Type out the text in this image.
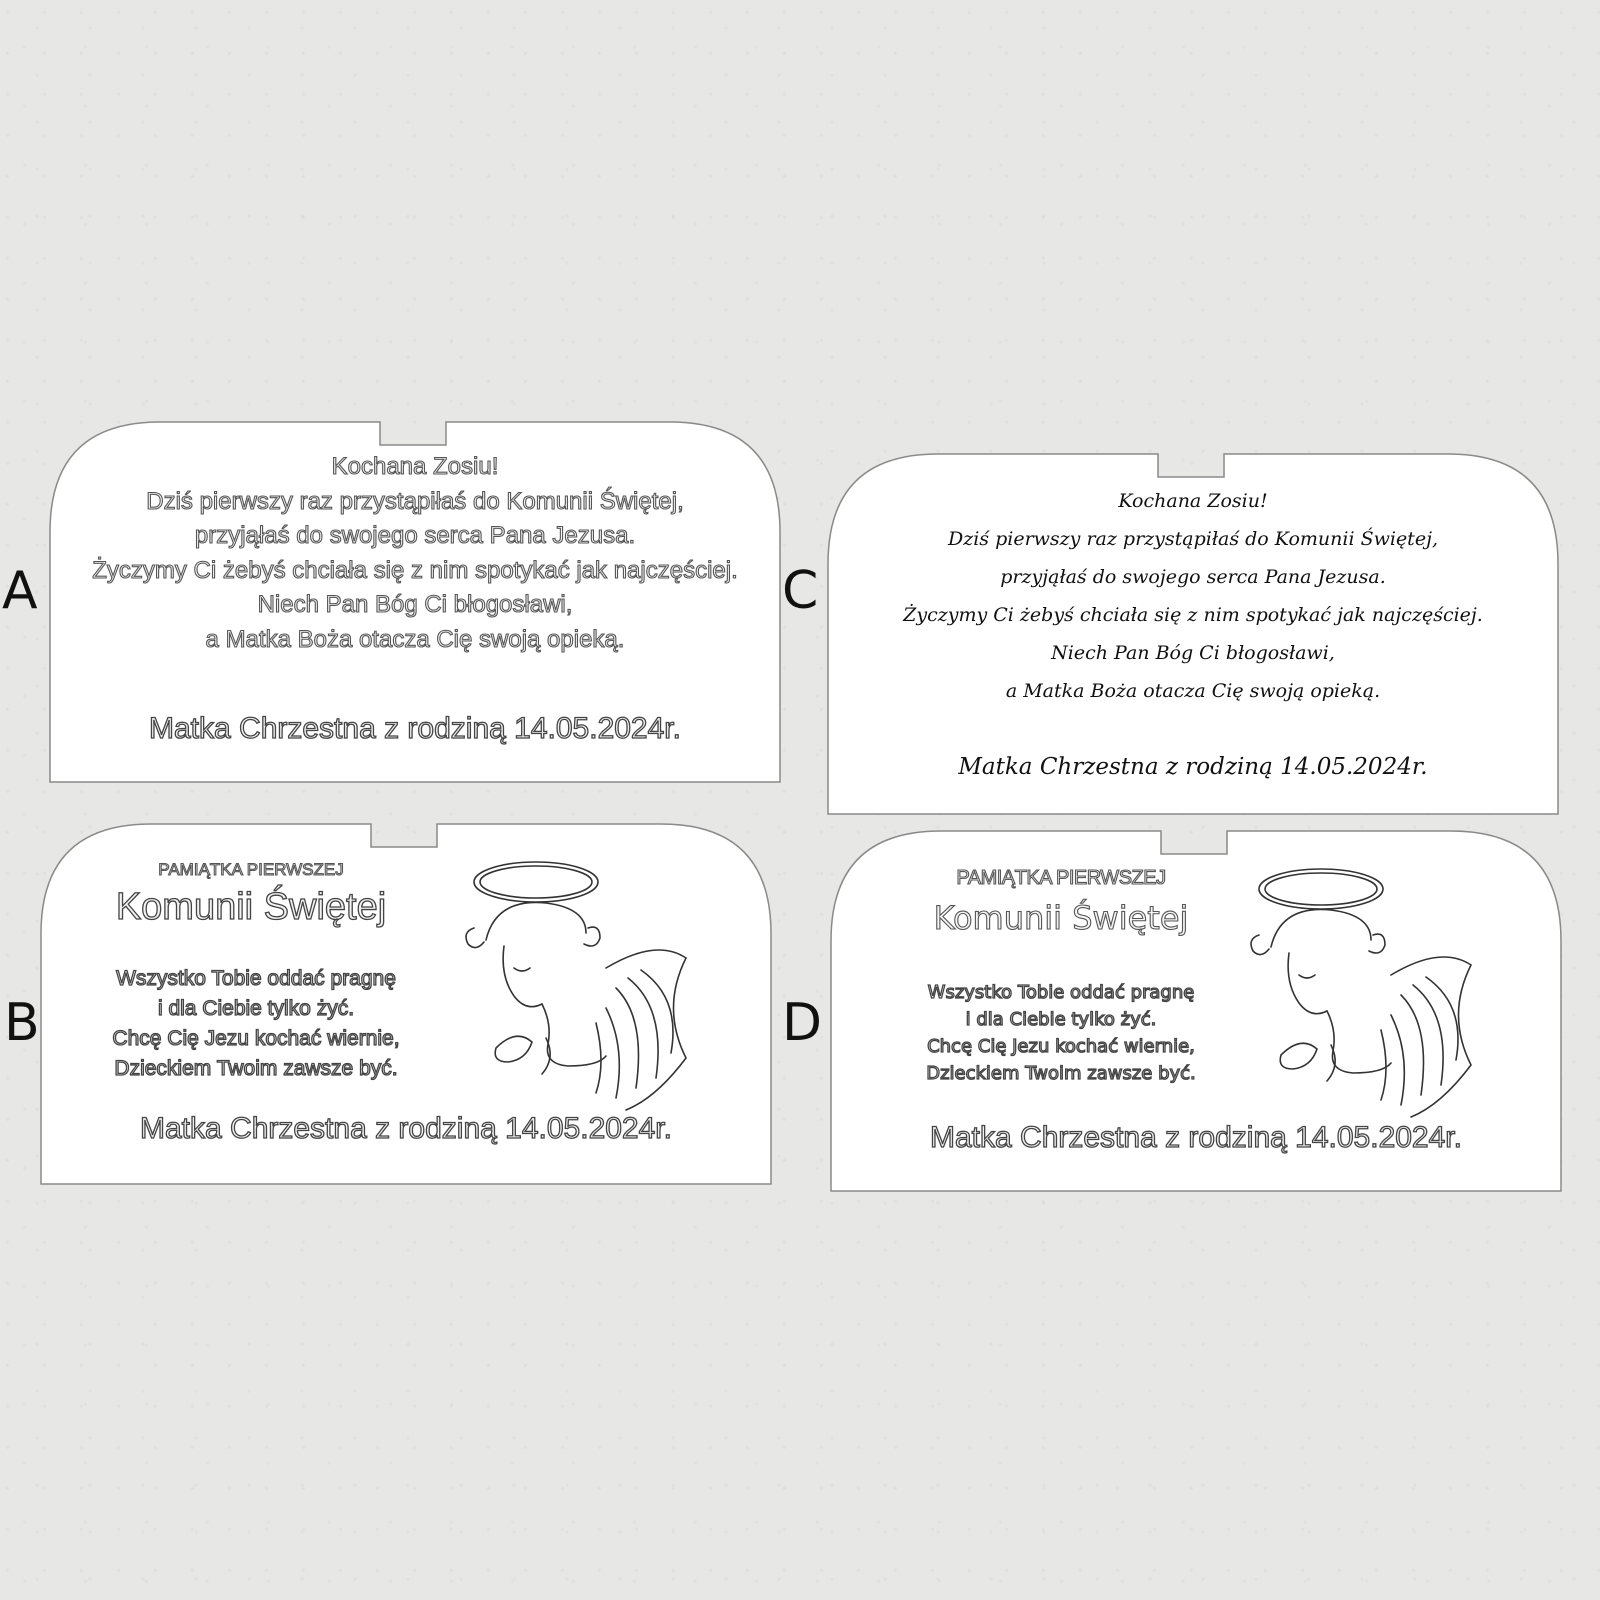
A	C
B	D
Kochana Zosiu!
Dziś pierwszy raz przystąpiłaś do Komunii Świętej,
przyjąłaś do swojego serca Pana Jezusa.
Życzymy Ci żebyś chciała się z nim spotykać jak najczęściej.
Niech Pan Bóg Ci błogosławi,
a Matka Boża otacza Cię swoją opieką.
Matka Chrzestna z rodziną 14.05.2024r.
Kochana Zosiu!
Dziś pierwszy raz przystąpiłaś do Komunii Świętej,
przyjąłaś do swojego serca Pana Jezusa.
Życzymy Ci żebyś chciała się z nim spotykać jak najczęściej.
Niech Pan Bóg Ci błogosławi,
a Matka Boża otacza Cię swoją opieką.
Matka Chrzestna z rodziną 14.05.2024r.
PAMIĄTKA PIERWSZEJ
Komunii Świętej
Wszystko Tobie oddać pragnę
i dla Ciebie tylko żyć.
Chcę Cię Jezu kochać wiernie,
Dzieckiem Twoim zawsze być.
Matka Chrzestna z rodziną 14.05.2024r.
PAMIĄTKA PIERWSZEJ
Komunii Świętej
Wszystko Tobie oddać pragnę
i dla Ciebie tylko żyć.
Chcę Cię Jezu kochać wiernie,
Dzieckiem Twoim zawsze być.
Matka Chrzestna z rodziną 14.05.2024r.
